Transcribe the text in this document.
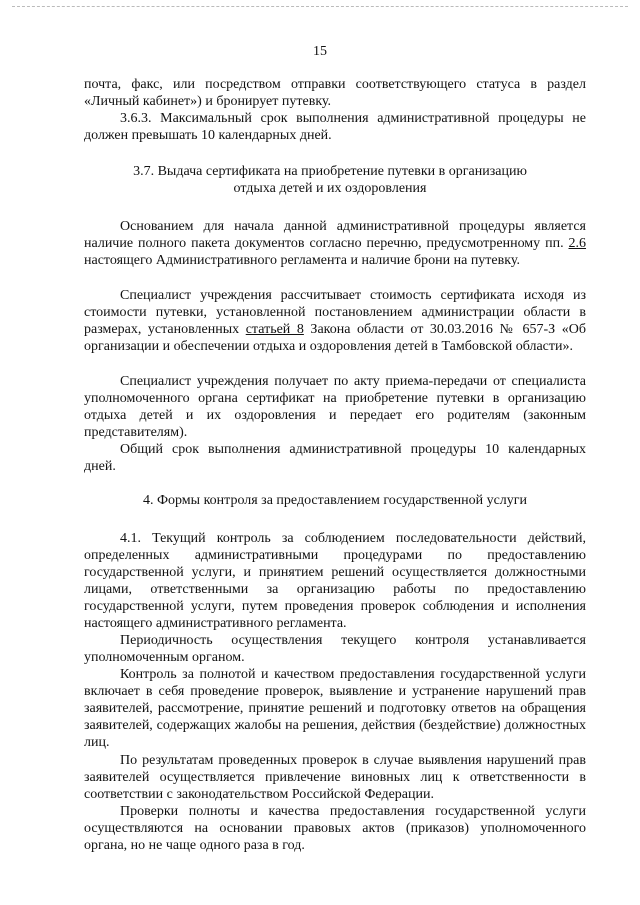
15

почта, факс, или посредством отправки соответствующего статуса в раздел «Личный кабинет») и бронирует путевку.

3.6.3. Максимальный срок выполнения административной процедуры не должен превышать 10 календарных дней.

3.7. Выдача сертификата на приобретение путевки в организацию отдыха детей и их оздоровления

Основанием для начала данной административной процедуры является наличие полного пакета документов согласно перечню, предусмотренному пп. 2.6 настоящего Административного регламента и наличие брони на путевку.

Специалист учреждения рассчитывает стоимость сертификата исходя из стоимости путевки, установленной постановлением администрации области в размерах, установленных статьей 8 Закона области от 30.03.2016 № 657-З «Об организации и обеспечении отдыха и оздоровления детей в Тамбовской области».

Специалист учреждения получает по акту приема-передачи от специалиста уполномоченного органа сертификат на приобретение путевки в организацию отдыха детей и их оздоровления и передает его родителям (законным представителям).

Общий срок выполнения административной процедуры 10 календарных дней.

4. Формы контроля за предоставлением государственной услуги

4.1. Текущий контроль за соблюдением последовательности действий, определенных административными процедурами по предоставлению государственной услуги, и принятием решений осуществляется должностными лицами, ответственными за организацию работы по предоставлению государственной услуги, путем проведения проверок соблюдения и исполнения настоящего административного регламента.

Периодичность осуществления текущего контроля устанавливается уполномоченным органом.

Контроль за полнотой и качеством предоставления государственной услуги включает в себя проведение проверок, выявление и устранение нарушений прав заявителей, рассмотрение, принятие решений и подготовку ответов на обращения заявителей, содержащих жалобы на решения, действия (бездействие) должностных лиц.

По результатам проведенных проверок в случае выявления нарушений прав заявителей осуществляется привлечение виновных лиц к ответственности в соответствии с законодательством Российской Федерации.

Проверки полноты и качества предоставления государственной услуги осуществляются на основании правовых актов (приказов) уполномоченного органа, но не чаще одного раза в год.
